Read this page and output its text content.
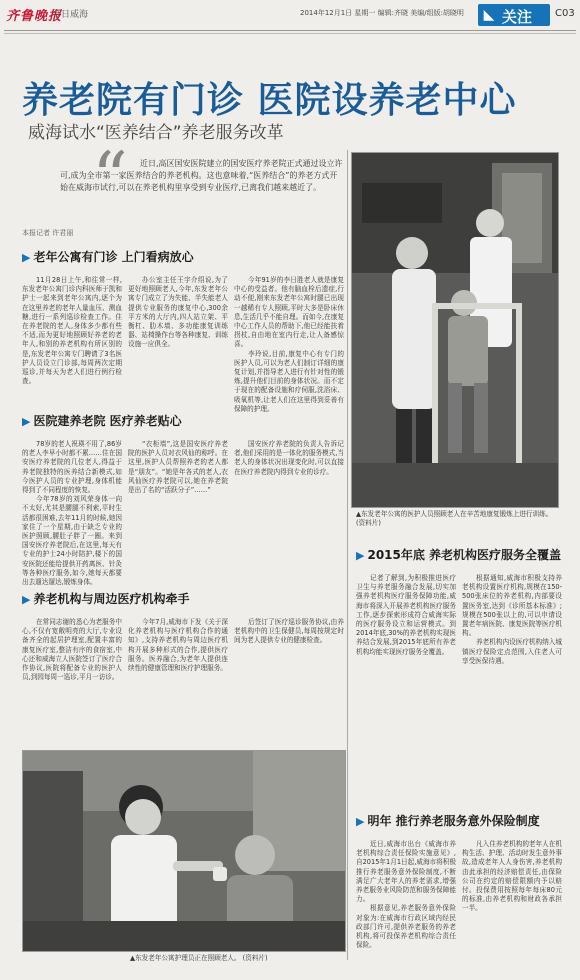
齐鲁晚报
今日威海	2014年12月1日 星期一 编辑:齐晓 美编/组版:胡晓明 ◣ 关注 C03
养老院有门诊 医院设养老中心
威海试水“医养结合”养老服务改革
“	近日,高区国安医院建立的国安医疗养老院正式通过设立许可,成为全市第一家医养结合的养老机构。这也意味着,“医养结合”的养老方式开始在威海市试行,可以在养老机构里享受到专业医疗,已离我们越来越近了。
本报记者 许君丽
▲东发老年公寓的医护人员照顾老人在辛苦地康复锻炼上进行训练。 (资料片)
▶ 老年公寓有门诊 上门看病放心

11月28日上午,和往常一样,东发老年公寓门诊内科医师于凯和护士一起来到老年公寓内,逐个为在这里养老的老年人量血压、测血糖,进行一系列巡诊检查工作。住在养老院的老人,身体多少都有些不适,而为更好地照顾好养老的老年人,和别的养老机构有所区别的是,东发老年公寓专门聘请了3名医护人员设立门诊部,每周两次定期巡诊,并每天为老人们进行例行检查。

办公室主任王宇介绍说,为了更好地照顾老人,今年,东发老年公寓专门成立了为失能、半失能老人提供专业服务的康复中心,300余平方米的大厅内,四人站立架、平衡杠、肋木墙、多功能康复训练器、站椅操作台等各种康复、训练设施一应俱全。

今年91岁的李日胜老人就是康复中心的受益者。他有脑血栓后遗症,行动不便,刚来东发老年公寓时腿已出现一越稀有专人照顾,平时大多是卧床休息,生活几乎不能自理。而如今,在康复中心工作人员的帮助下,他已经能扶着拐杖,自由地在室内行走,让人备感惊喜。

李玲说,目前,康复中心有专门的医护人员,可以为老人们制订详细的康复计划,并指导老人进行有针对性的锻炼,提升他们目前的身体状况。而不定于现在的配备设施和疗伺服,洗浴床、吸氧机等,让老人们在这里得到妥善有保障的护理。

▶ 医院建养老院 医疗养老贴心

78岁的老人祝瑛不用了,86岁的老人李早小时都不累……住在国安医疗养老院的几位老人,得益于养老院独特的医养结合新模式,如今医护人员的专业护理,身体机能得到了不同程度的恢复。

今年78岁的刘风荣身体一向不太好,尤其是腰腿不利索,平时生活都很困难,去年11月的时候,她因家住了一个星期,由于缺乏专业的医护照顾,腰肚子胖了一圈。来到国安医疗养老院后,在这里,每天有专业的护士24小时陪护,楼下的国安医院还能给提供开药离医、针灸等各种医疗服务,如今,她每天都要出去遛达遛达,锻炼身体。

“衣柜墙”,这是国安医疗养老院的医护人员对衣风仙的称呼。在这里,医护人员帮照养老的老人都是“朋友”。“她是年各式的老人,衣风仙医疗养老院可以,她在养老院是出了名的“活跃分子”……”

国安医疗养老院的负责人告诉记者,他们采用的是一体化的服务模式,当老人的身体状况出现变化时,可以直接在医疗养老院内得到专业的诊疗。

▶ 养老机构与周边医疗机构牵手

在常同志谢的悉心为老服务中心,不仅有宽敞明亮的大厅,专业设备齐全的起居护理室,配置丰富的康复医疗室,整洁有序的食宿室,中心还和威海立人医院签订了医疗合作协议,医院将配备专业的医护人员,到园每周一巡诊,平月一访诊。

今年7月,威海市下发《关于深化养老机构与医疗机构合作的通知》,支持养老机构与周边医疗机构开展多种形式的合作,提供医疗服务。医养融合,为老年人提供连续性的健康管理和医疗护理服务。

后签订了医疗巡诊服务协议,由养老机构中的卫生保健员,每周按规定时间为老人提供专业的健康检查。

▲东发老年公寓护理员正在照顾老人。 (资料片)
▶ 2015年底 养老机构医疗服务全覆盖

记者了解到,为积极推进医疗卫生与养老服务融合发展,切实加强养老机构医疗服务保障功能,威海市将深入开展养老机构医疗服务工作,逐步探索形成符合威海实际的医疗服务设立和运营模式。到2014年底,30%的养老机构实现医养结合发展,到2015年底所有养老机构均能实现医疗服务全覆盖。

根据通知,威海市积极支持养老机构设置医疗机构,规模在150-500张床位的养老机构,内部要设置医务室,达到《诊所基本标准》;规模在500张以上的,可以申请设置老年病医院、康复医院等医疗机构。

养老机构内设医疗机构纳入城镇医疗保险定点范围,入住老人可享受医保待遇。

▶ 明年 推行养老服务意外保险制度

近日,威海市出台《威海市养老机构综合责任保险实施意见》,自2015年1月1日起,威海市将积极推行养老服务意外保险制度,不断满足广大老年人的养老需求,增强养老服务业风险防范和服务保障能力。

根据意见,养老服务意外保险对象为:在威海市行政区域内经民政部门许可,提供养老服务的养老机构,将可投保养老机构综合责任保险。

凡入住养老机构的老年人在机构生活、护理、活动时发生意外事故,造成老年人人身伤害,养老机构由此承担的经济赔偿责任,由保险公司在约定的赔偿限额内予以赔付。投保费用按照每年每床80元的标准,由养老机构和财政各承担一半。
